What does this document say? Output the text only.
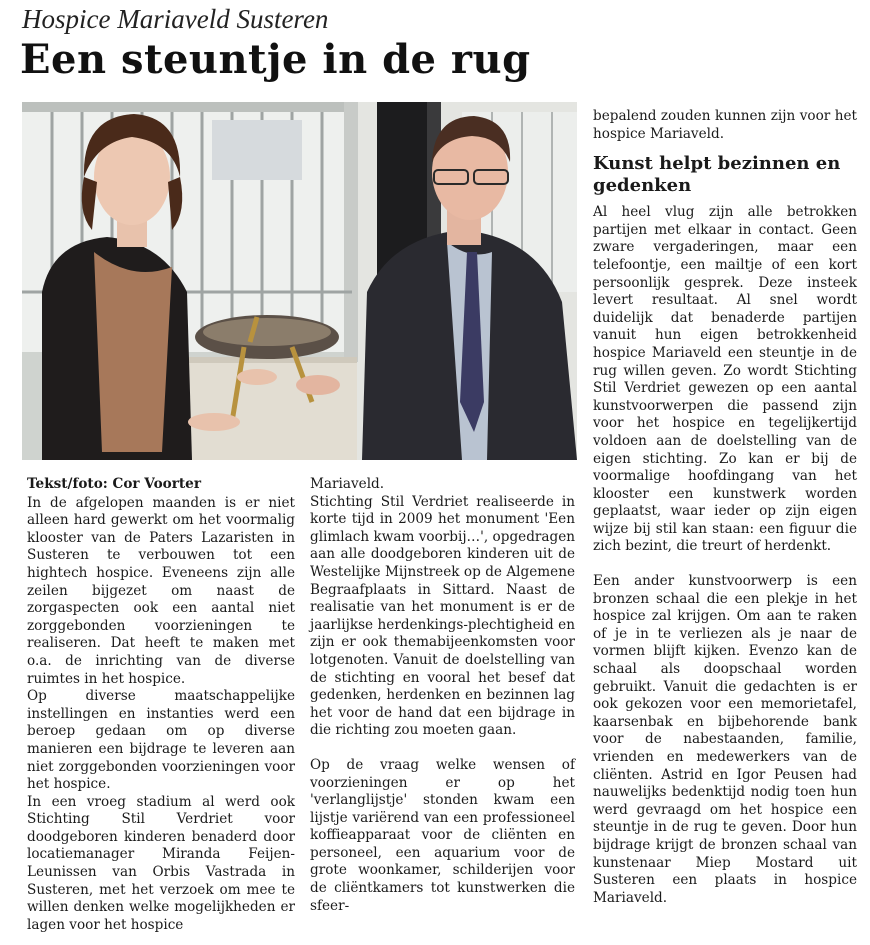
Hospice Mariaveld Susteren
Een steuntje in de rug

Tekst/foto: Cor Voorter

In de afgelopen maanden is er niet alleen hard gewerkt om het voormalig klooster van de Paters Lazaristen in Susteren te verbouwen tot een hightech hospice. Eveneens zijn alle zeilen bijgezet om naast de zorgaspecten ook een aantal niet zorggebonden voorzieningen te realiseren. Dat heeft te maken met o.a. de inrichting van de diverse ruimtes in het hospice.

Op diverse maatschappelijke instellingen en instanties werd een beroep gedaan om op diverse manieren een bijdrage te leveren aan niet zorggebonden voorzieningen voor het hospice.

In een vroeg stadium al werd ook Stichting Stil Verdriet voor doodgeboren kinderen benaderd door locatiemanager Miranda Feijen-Leunissen van Orbis Vastrada in Susteren, met het verzoek om mee te willen denken welke mogelijkheden er lagen voor het hospice

Mariaveld.

Stichting Stil Verdriet realiseerde in korte tijd in 2009 het monument 'Een glimlach kwam voorbij…', opgedragen aan alle doodgeboren kinderen uit de Westelijke Mijnstreek op de Algemene Begraafplaats in Sittard. Naast de realisatie van het monument is er de jaarlijkse herdenkings-plechtigheid en zijn er ook themabijeenkomsten voor lotgenoten. Vanuit de doelstelling van de stichting en vooral het besef dat gedenken, herdenken en bezinnen lag het voor de hand dat een bijdrage in die richting zou moeten gaan.

Op de vraag welke wensen of voorzieningen er op het 'verlanglijstje' stonden kwam een lijstje variërend van een professioneel koffieapparaat voor de cliënten en personeel, een aquarium voor de grote woonkamer, schilderijen voor de cliëntkamers tot kunstwerken die sfeer-

bepalend zouden kunnen zijn voor het hospice Mariaveld.

Kunst helpt bezinnen en gedenken

Al heel vlug zijn alle betrokken partijen met elkaar in contact. Geen zware vergaderingen, maar een telefoontje, een mailtje of een kort persoonlijk gesprek. Deze insteek levert resultaat. Al snel wordt duidelijk dat benaderde partijen vanuit hun eigen betrokkenheid hospice Mariaveld een steuntje in de rug willen geven. Zo wordt Stichting Stil Verdriet gewezen op een aantal kunstvoorwerpen die passend zijn voor het hospice en tegelijkertijd voldoen aan de doelstelling van de eigen stichting. Zo kan er bij de voormalige hoofdingang van het klooster een kunstwerk worden geplaatst, waar ieder op zijn eigen wijze bij stil kan staan: een figuur die zich bezint, die treurt of herdenkt.

Een ander kunstvoorwerp is een bronzen schaal die een plekje in het hospice zal krijgen. Om aan te raken of je in te verliezen als je naar de vormen blijft kijken. Evenzo kan de schaal als doopschaal worden gebruikt. Vanuit die gedachten is er ook gekozen voor een memorietafel, kaarsenbak en bijbehorende bank voor de nabestaanden, familie, vrienden en medewerkers van de cliënten. Astrid en Igor Peusen had nauwelijks bedenktijd nodig toen hun werd gevraagd om het hospice een steuntje in de rug te geven. Door hun bijdrage krijgt de bronzen schaal van kunstenaar Miep Mostard uit Susteren een plaats in hospice Mariaveld.
